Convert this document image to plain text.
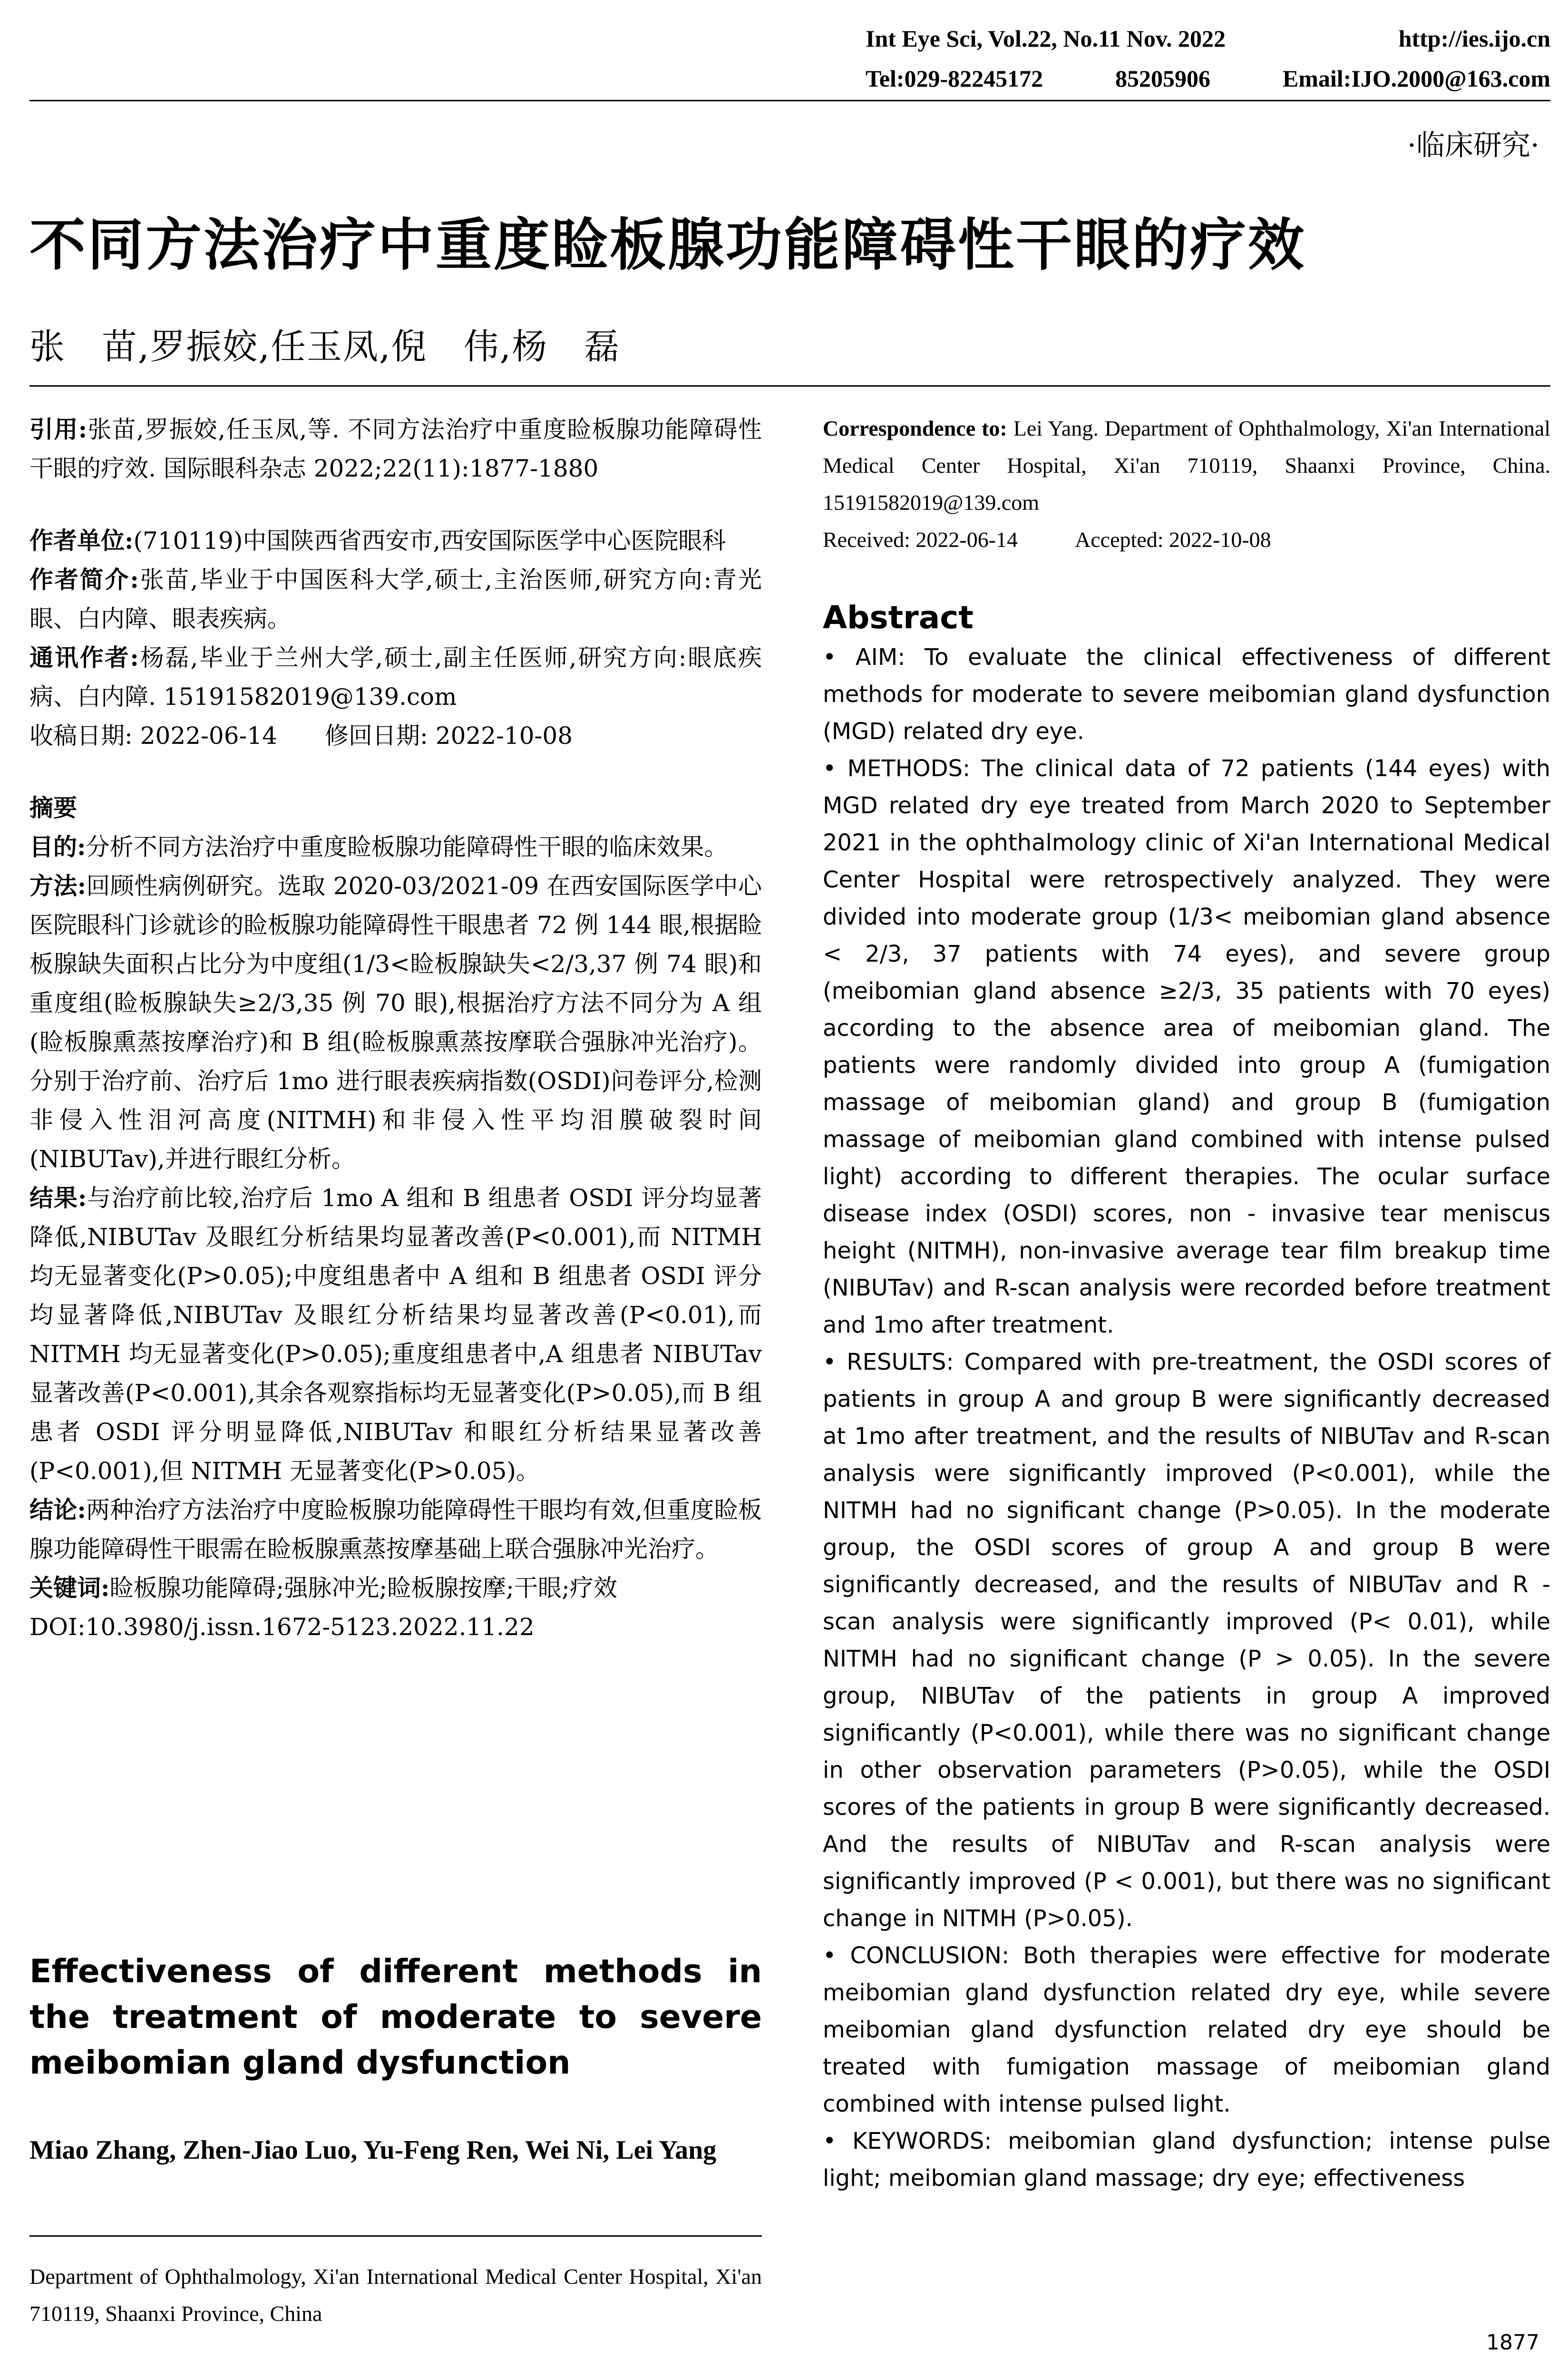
Int Eye Sci, Vol.22, No.11 Nov. 2022	http://ies.ijo.cn
Tel:029-82245172	85205906	Email:IJO.2000@163.com
·临床研究·
不同方法治疗中重度睑板腺功能障碍性干眼的疗效
张　苗,罗振姣,任玉凤,倪　伟,杨　磊

引用:张苗,罗振姣,任玉凤,等. 不同方法治疗中重度睑板腺功能障碍性干眼的疗效. 国际眼科杂志 2022;22(11):1877-1880

作者单位:(710119)中国陕西省西安市,西安国际医学中心医院眼科

作者简介:张苗,毕业于中国医科大学,硕士,主治医师,研究方向:青光眼、白内障、眼表疾病。

通讯作者:杨磊,毕业于兰州大学,硕士,副主任医师,研究方向:眼底疾病、白内障. 15191582019@139.com

收稿日期: 2022-06-14　　修回日期: 2022-10-08

摘要

目的:分析不同方法治疗中重度睑板腺功能障碍性干眼的临床效果。

方法:回顾性病例研究。选取 2020-03/2021-09 在西安国际医学中心医院眼科门诊就诊的睑板腺功能障碍性干眼患者 72 例 144 眼,根据睑板腺缺失面积占比分为中度组(1/3<睑板腺缺失<2/3,37 例 74 眼)和重度组(睑板腺缺失≥2/3,35 例 70 眼),根据治疗方法不同分为 A 组(睑板腺熏蒸按摩治疗)和 B 组(睑板腺熏蒸按摩联合强脉冲光治疗)。分别于治疗前、治疗后 1mo 进行眼表疾病指数(OSDI)问卷评分,检测非侵入性泪河高度(NITMH)和非侵入性平均泪膜破裂时间(NIBUTav),并进行眼红分析。

结果:与治疗前比较,治疗后 1mo A 组和 B 组患者 OSDI 评分均显著降低,NIBUTav 及眼红分析结果均显著改善(P<0.001),而 NITMH 均无显著变化(P>0.05);中度组患者中 A 组和 B 组患者 OSDI 评分均显著降低,NIBUTav 及眼红分析结果均显著改善(P<0.01),而 NITMH 均无显著变化(P>0.05);重度组患者中,A 组患者 NIBUTav 显著改善(P<0.001),其余各观察指标均无显著变化(P>0.05),而 B 组患者 OSDI 评分明显降低,NIBUTav 和眼红分析结果显著改善(P<0.001),但 NITMH 无显著变化(P>0.05)。

结论:两种治疗方法治疗中度睑板腺功能障碍性干眼均有效,但重度睑板腺功能障碍性干眼需在睑板腺熏蒸按摩基础上联合强脉冲光治疗。

关键词:睑板腺功能障碍;强脉冲光;睑板腺按摩;干眼;疗效

DOI:10.3980/j.issn.1672-5123.2022.11.22

Effectiveness of different methods in the treatment of moderate to severe meibomian gland dysfunction
Miao Zhang, Zhen-Jiao Luo, Yu-Feng Ren, Wei Ni, Lei Yang
Department of Ophthalmology, Xi'an International Medical Center Hospital, Xi'an 710119, Shaanxi Province, China

Correspondence to: Lei Yang. Department of Ophthalmology, Xi'an International Medical Center Hospital, Xi'an 710119, Shaanxi Province, China. 15191582019@139.com

Received: 2022-06-14	Accepted: 2022-10-08

Abstract

• AIM: To evaluate the clinical effectiveness of different methods for moderate to severe meibomian gland dysfunction (MGD) related dry eye.

• METHODS: The clinical data of 72 patients (144 eyes) with MGD related dry eye treated from March 2020 to September 2021 in the ophthalmology clinic of Xi'an International Medical Center Hospital were retrospectively analyzed. They were divided into moderate group (1/3< meibomian gland absence < 2/3, 37 patients with 74 eyes), and severe group (meibomian gland absence ≥2/3, 35 patients with 70 eyes) according to the absence area of meibomian gland. The patients were randomly divided into group A (fumigation massage of meibomian gland) and group B (fumigation massage of meibomian gland combined with intense pulsed light) according to different therapies. The ocular surface disease index (OSDI) scores, non - invasive tear meniscus height (NITMH), non-invasive average tear film breakup time (NIBUTav) and R-scan analysis were recorded before treatment and 1mo after treatment.

• RESULTS: Compared with pre-treatment, the OSDI scores of patients in group A and group B were significantly decreased at 1mo after treatment, and the results of NIBUTav and R-scan analysis were significantly improved (P<0.001), while the NITMH had no significant change (P>0.05). In the moderate group, the OSDI scores of group A and group B were significantly decreased, and the results of NIBUTav and R - scan analysis were significantly improved (P< 0.01), while NITMH had no significant change (P > 0.05). In the severe group, NIBUTav of the patients in group A improved significantly (P<0.001), while there was no significant change in other observation parameters (P>0.05), while the OSDI scores of the patients in group B were significantly decreased. And the results of NIBUTav and R-scan analysis were significantly improved (P < 0.001), but there was no significant change in NITMH (P>0.05).

• CONCLUSION: Both therapies were effective for moderate meibomian gland dysfunction related dry eye, while severe meibomian gland dysfunction related dry eye should be treated with fumigation massage of meibomian gland combined with intense pulsed light.

• KEYWORDS: meibomian gland dysfunction; intense pulse light; meibomian gland massage; dry eye; effectiveness

1877
